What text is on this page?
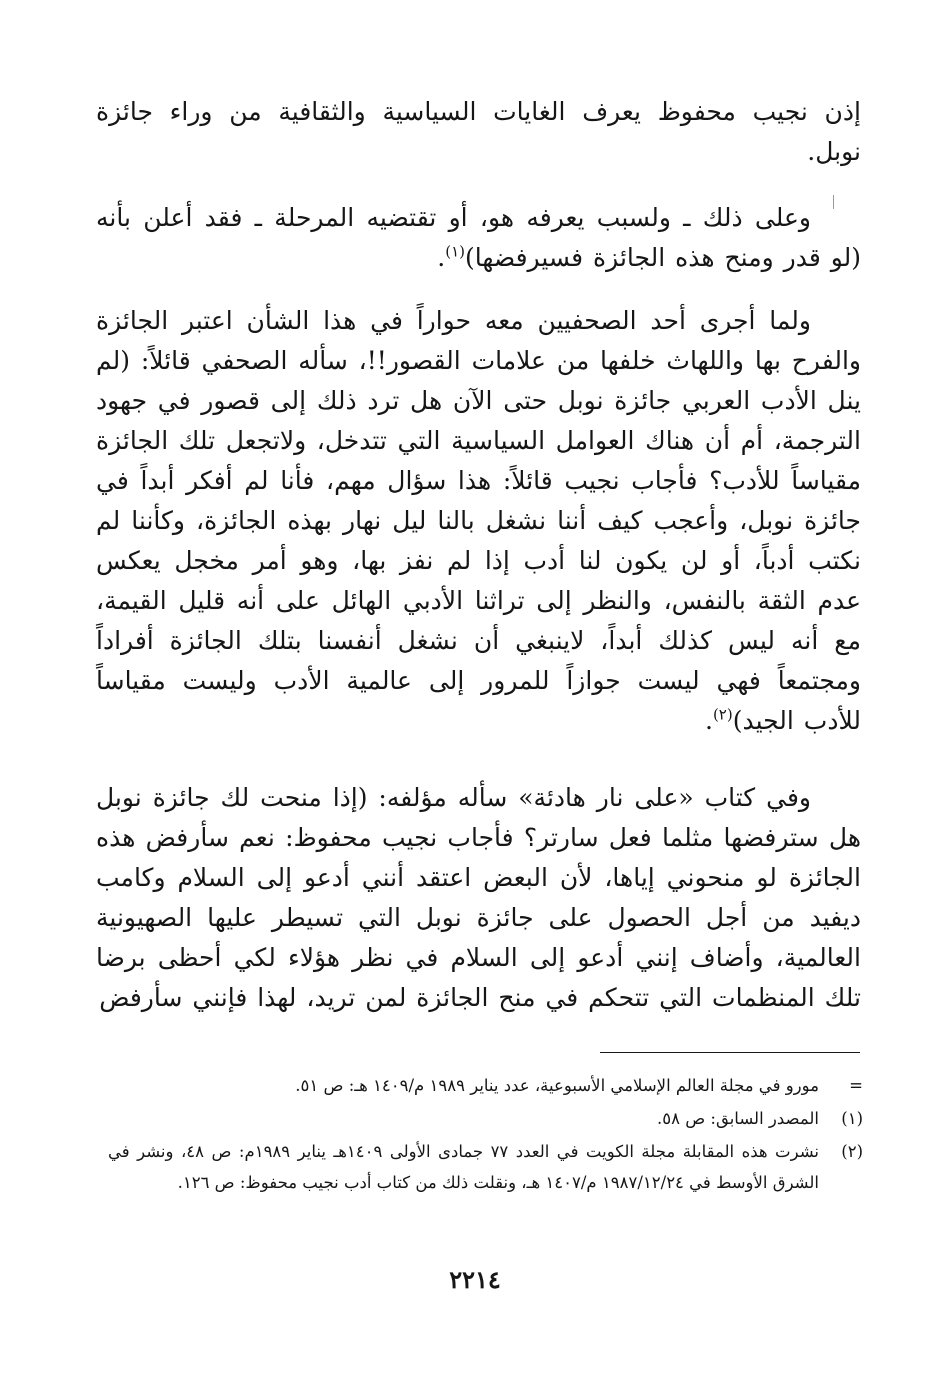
إذن نجيب محفوظ يعرف الغايات السياسية والثقافية من وراء جائزة نوبل.

  وعلى ذلك ـ ولسبب يعرفه هو، أو تقتضيه المرحلة ـ فقد أعلن بأنه (لو قدر ومنح هذه الجائزة فسيرفضها)$^{(١)}$.

  ولما أجرى أحد الصحفيين معه حواراً في هذا الشأن اعتبر الجائزة والفرح بها واللهاث خلفها من علامات القصور!!، سأله الصحفي قائلاً: (لم ينل الأدب العربي جائزة نوبل حتى الآن هل ترد ذلك إلى قصور في جهود الترجمة، أم أن هناك العوامل السياسية التي تتدخل، ولاتجعل تلك الجائزة مقياساً للأدب؟ فأجاب نجيب قائلاً: هذا سؤال مهم، فأنا لم أفكر أبداً في جائزة نوبل، وأعجب كيف أننا نشغل بالنا ليل نهار بهذه الجائزة، وكأننا لم نكتب أدباً، أو لن يكون لنا أدب إذا لم نفز بها، وهو أمر مخجل يعكس عدم الثقة بالنفس، والنظر إلى تراثنا الأدبي الهائل على أنه قليل القيمة، مع أنه ليس كذلك أبداً، لاينبغي أن نشغل أنفسنا بتلك الجائزة أفراداً ومجتمعاً فهي ليست جوازاً للمرور إلى عالمية الأدب وليست مقياساً للأدب الجيد)$^{(٢)}$.

  وفي كتاب «على نار هادئة» سأله مؤلفه: (إذا منحت لك جائزة نوبل هل سترفضها مثلما فعل سارتر؟ فأجاب نجيب محفوظ: نعم سأرفض هذه الجائزة لو منحوني إياها، لأن البعض اعتقد أنني أدعو إلى السلام وكامب ديفيد من أجل الحصول على جائزة نوبل التي تسيطر عليها الصهيونية العالمية، وأضاف إنني أدعو إلى السلام في نظر هؤلاء لكي أحظى برضا تلك المنظمات التي تتحكم في منح الجائزة لمن تريد، لهذا فإنني سأرفض

=
مورو في مجلة العالم الإسلامي الأسبوعية، عدد يناير ١٩٨٩ م/١٤٠٩ هـ: ص ٥١.
(١)
المصدر السابق: ص ٥٨.
(٢)
نشرت هذه المقابلة مجلة الكويت في العدد ٧٧ جمادى الأولى ١٤٠٩هـ يناير ١٩٨٩م: ص ٤٨، ونشر في الشرق الأوسط في ١٩٨٧/١٢/٢٤ م/١٤٠٧ هـ، ونقلت ذلك من كتاب أدب نجيب محفوظ: ص ١٢٦.
٢٢١٤
